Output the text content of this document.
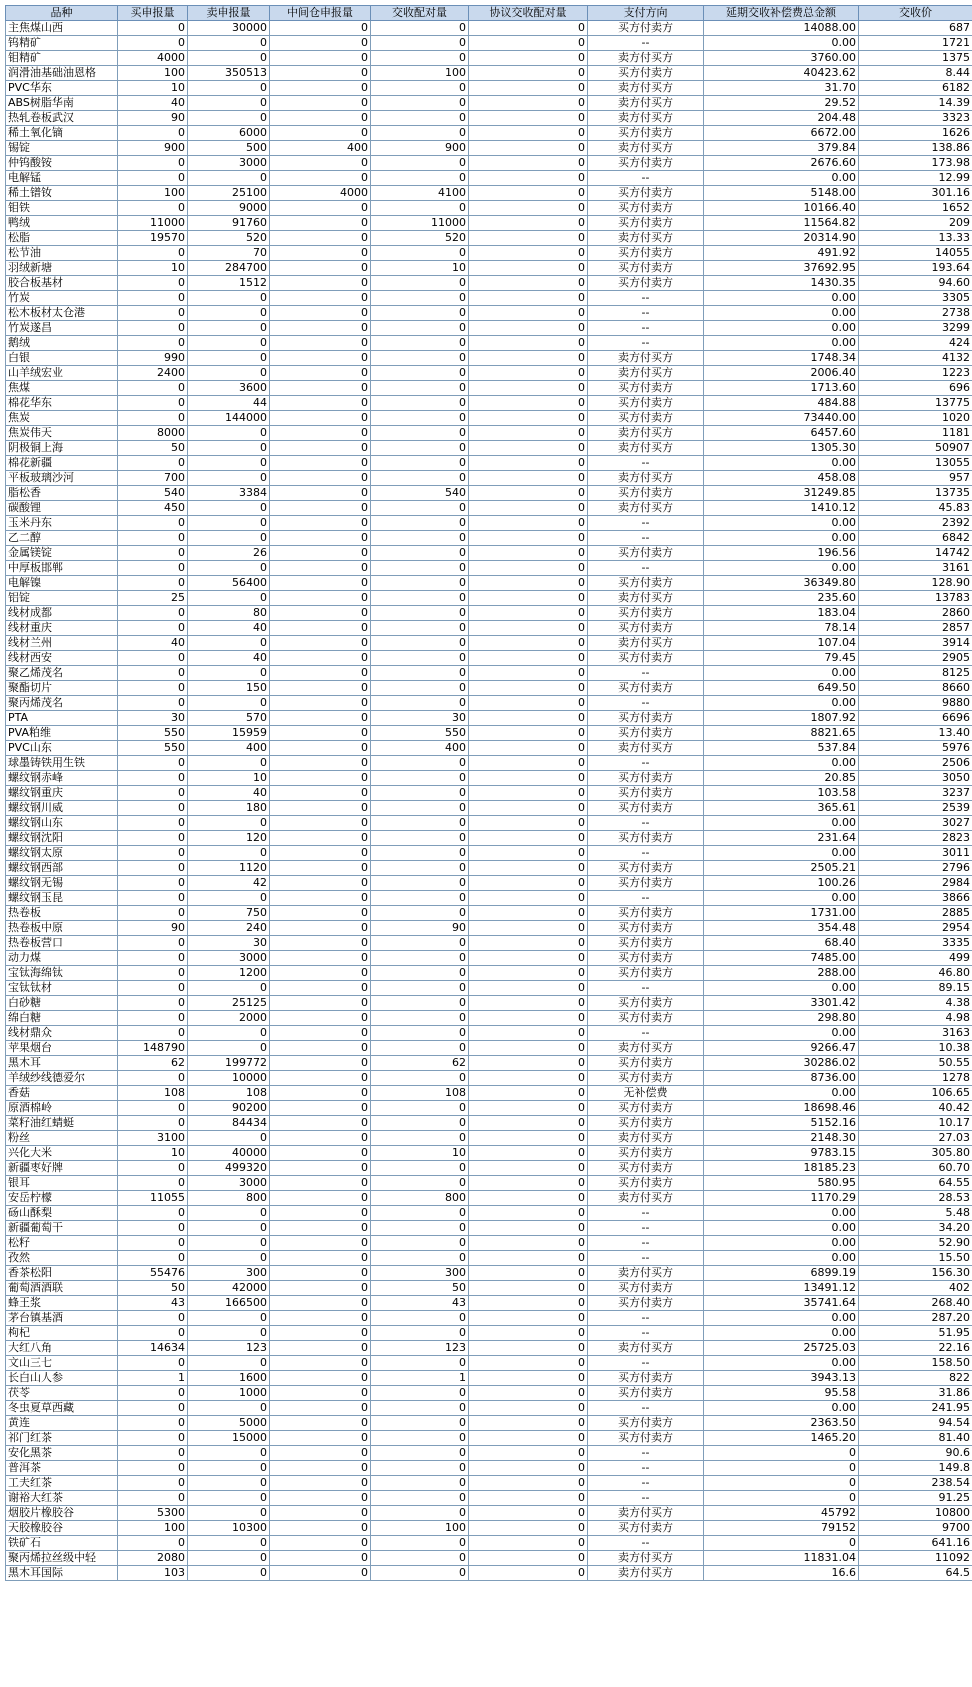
品种	买申报量	卖申报量	中间仓申报量	交收配对量	协议交收配对量	支付方向	延期交收补偿费总金额	交收价
主焦煤山西	0	30000	0	0	0	买方付卖方	14088.00	687
钨精矿	0	0	0	0	0	--	0.00	1721
钼精矿	4000	0	0	0	0	卖方付买方	3760.00	1375
润滑油基础油恩格	100	350513	0	100	0	买方付卖方	40423.62	8.44
PVC华东	10	0	0	0	0	卖方付买方	31.70	6182
ABS树脂华南	40	0	0	0	0	卖方付买方	29.52	14.39
热轧卷板武汉	90	0	0	0	0	卖方付买方	204.48	3323
稀土氧化镝	0	6000	0	0	0	买方付卖方	6672.00	1626
锡锭	900	500	400	900	0	卖方付买方	379.84	138.86
仲钨酸铵	0	3000	0	0	0	买方付卖方	2676.60	173.98
电解锰	0	0	0	0	0	--	0.00	12.99
稀土镨钕	100	25100	4000	4100	0	买方付卖方	5148.00	301.16
钼铁	0	9000	0	0	0	买方付卖方	10166.40	1652
鸭绒	11000	91760	0	11000	0	买方付卖方	11564.82	209
松脂	19570	520	0	520	0	卖方付买方	20314.90	13.33
松节油	0	70	0	0	0	买方付卖方	491.92	14055
羽绒新塘	10	284700	0	10	0	买方付卖方	37692.95	193.64
胶合板基材	0	1512	0	0	0	买方付卖方	1430.35	94.60
竹炭	0	0	0	0	0	--	0.00	3305
松木板材太仓港	0	0	0	0	0	--	0.00	2738
竹炭遂昌	0	0	0	0	0	--	0.00	3299
鹅绒	0	0	0	0	0	--	0.00	424
白银	990	0	0	0	0	卖方付买方	1748.34	4132
山羊绒宏业	2400	0	0	0	0	卖方付买方	2006.40	1223
焦煤	0	3600	0	0	0	买方付卖方	1713.60	696
棉花华东	0	44	0	0	0	买方付卖方	484.88	13775
焦炭	0	144000	0	0	0	买方付卖方	73440.00	1020
焦炭伟天	8000	0	0	0	0	卖方付买方	6457.60	1181
阴极铜上海	50	0	0	0	0	卖方付买方	1305.30	50907
棉花新疆	0	0	0	0	0	--	0.00	13055
平板玻璃沙河	700	0	0	0	0	卖方付买方	458.08	957
脂松香	540	3384	0	540	0	买方付卖方	31249.85	13735
碳酸锂	450	0	0	0	0	卖方付买方	1410.12	45.83
玉米丹东	0	0	0	0	0	--	0.00	2392
乙二醇	0	0	0	0	0	--	0.00	6842
金属镁锭	0	26	0	0	0	买方付卖方	196.56	14742
中厚板邯郸	0	0	0	0	0	--	0.00	3161
电解镍	0	56400	0	0	0	买方付卖方	36349.80	128.90
铝锭	25	0	0	0	0	卖方付买方	235.60	13783
线材成都	0	80	0	0	0	买方付卖方	183.04	2860
线材重庆	0	40	0	0	0	买方付卖方	78.14	2857
线材兰州	40	0	0	0	0	卖方付买方	107.04	3914
线材西安	0	40	0	0	0	买方付卖方	79.45	2905
聚乙烯茂名	0	0	0	0	0	--	0.00	8125
聚酯切片	0	150	0	0	0	买方付卖方	649.50	8660
聚丙烯茂名	0	0	0	0	0	--	0.00	9880
PTA	30	570	0	30	0	买方付卖方	1807.92	6696
PVA粕维	550	15959	0	550	0	买方付卖方	8821.65	13.40
PVC山东	550	400	0	400	0	卖方付买方	537.84	5976
球墨铸铁用生铁	0	0	0	0	0	--	0.00	2506
螺纹钢赤峰	0	10	0	0	0	买方付卖方	20.85	3050
螺纹钢重庆	0	40	0	0	0	买方付卖方	103.58	3237
螺纹钢川威	0	180	0	0	0	买方付卖方	365.61	2539
螺纹钢山东	0	0	0	0	0	--	0.00	3027
螺纹钢沈阳	0	120	0	0	0	买方付卖方	231.64	2823
螺纹钢太原	0	0	0	0	0	--	0.00	3011
螺纹钢西部	0	1120	0	0	0	买方付卖方	2505.21	2796
螺纹钢无锡	0	42	0	0	0	买方付卖方	100.26	2984
螺纹钢玉昆	0	0	0	0	0	--	0.00	3866
热卷板	0	750	0	0	0	买方付卖方	1731.00	2885
热卷板中原	90	240	0	90	0	买方付卖方	354.48	2954
热卷板营口	0	30	0	0	0	买方付卖方	68.40	3335
动力煤	0	3000	0	0	0	买方付卖方	7485.00	499
宝钛海绵钛	0	1200	0	0	0	买方付卖方	288.00	46.80
宝钛钛材	0	0	0	0	0	--	0.00	89.15
白砂糖	0	25125	0	0	0	买方付卖方	3301.42	4.38
绵白糖	0	2000	0	0	0	买方付卖方	298.80	4.98
线材鼎众	0	0	0	0	0	--	0.00	3163
苹果烟台	148790	0	0	0	0	卖方付买方	9266.47	10.38
黑木耳	62	199772	0	62	0	买方付卖方	30286.02	50.55
羊绒纱线德爱尔	0	10000	0	0	0	买方付卖方	8736.00	1278
香菇	108	108	0	108	0	无补偿费	0.00	106.65
原酒棉岭	0	90200	0	0	0	买方付卖方	18698.46	40.42
菜籽油红蜻蜓	0	84434	0	0	0	买方付卖方	5152.16	10.17
粉丝	3100	0	0	0	0	卖方付买方	2148.30	27.03
兴化大米	10	40000	0	10	0	买方付卖方	9783.15	305.80
新疆枣好牌	0	499320	0	0	0	买方付卖方	18185.23	60.70
银耳	0	3000	0	0	0	买方付卖方	580.95	64.55
安岳柠檬	11055	800	0	800	0	卖方付买方	1170.29	28.53
砀山酥梨	0	0	0	0	0	--	0.00	5.48
新疆葡萄干	0	0	0	0	0	--	0.00	34.20
松籽	0	0	0	0	0	--	0.00	52.90
孜然	0	0	0	0	0	--	0.00	15.50
香茶松阳	55476	300	0	300	0	卖方付买方	6899.19	156.30
葡萄酒酒联	50	42000	0	50	0	买方付卖方	13491.12	402
蜂王浆	43	166500	0	43	0	买方付卖方	35741.64	268.40
茅台镇基酒	0	0	0	0	0	--	0.00	287.20
枸杞	0	0	0	0	0	--	0.00	51.95
大红八角	14634	123	0	123	0	卖方付买方	25725.03	22.16
文山三七	0	0	0	0	0	--	0.00	158.50
长白山人参	1	1600	0	1	0	买方付卖方	3943.13	822
茯苓	0	1000	0	0	0	买方付卖方	95.58	31.86
冬虫夏草西藏	0	0	0	0	0	--	0.00	241.95
黄连	0	5000	0	0	0	买方付卖方	2363.50	94.54
祁门红茶	0	15000	0	0	0	买方付卖方	1465.20	81.40
安化黑茶	0	0	0	0	0	--	0	90.6
普洱茶	0	0	0	0	0	--	0	149.8
工夫红茶	0	0	0	0	0	--	0	238.54
谢裕大红茶	0	0	0	0	0	--	0	91.25
烟胶片橡胶谷	5300	0	0	0	0	卖方付买方	45792	10800
天胶橡胶谷	100	10300	0	100	0	买方付卖方	79152	9700
铁矿石	0	0	0	0	0	--	0	641.16
聚丙烯拉丝级中轻	2080	0	0	0	0	卖方付买方	11831.04	11092
黑木耳国际	103	0	0	0	0	卖方付买方	16.6	64.5
